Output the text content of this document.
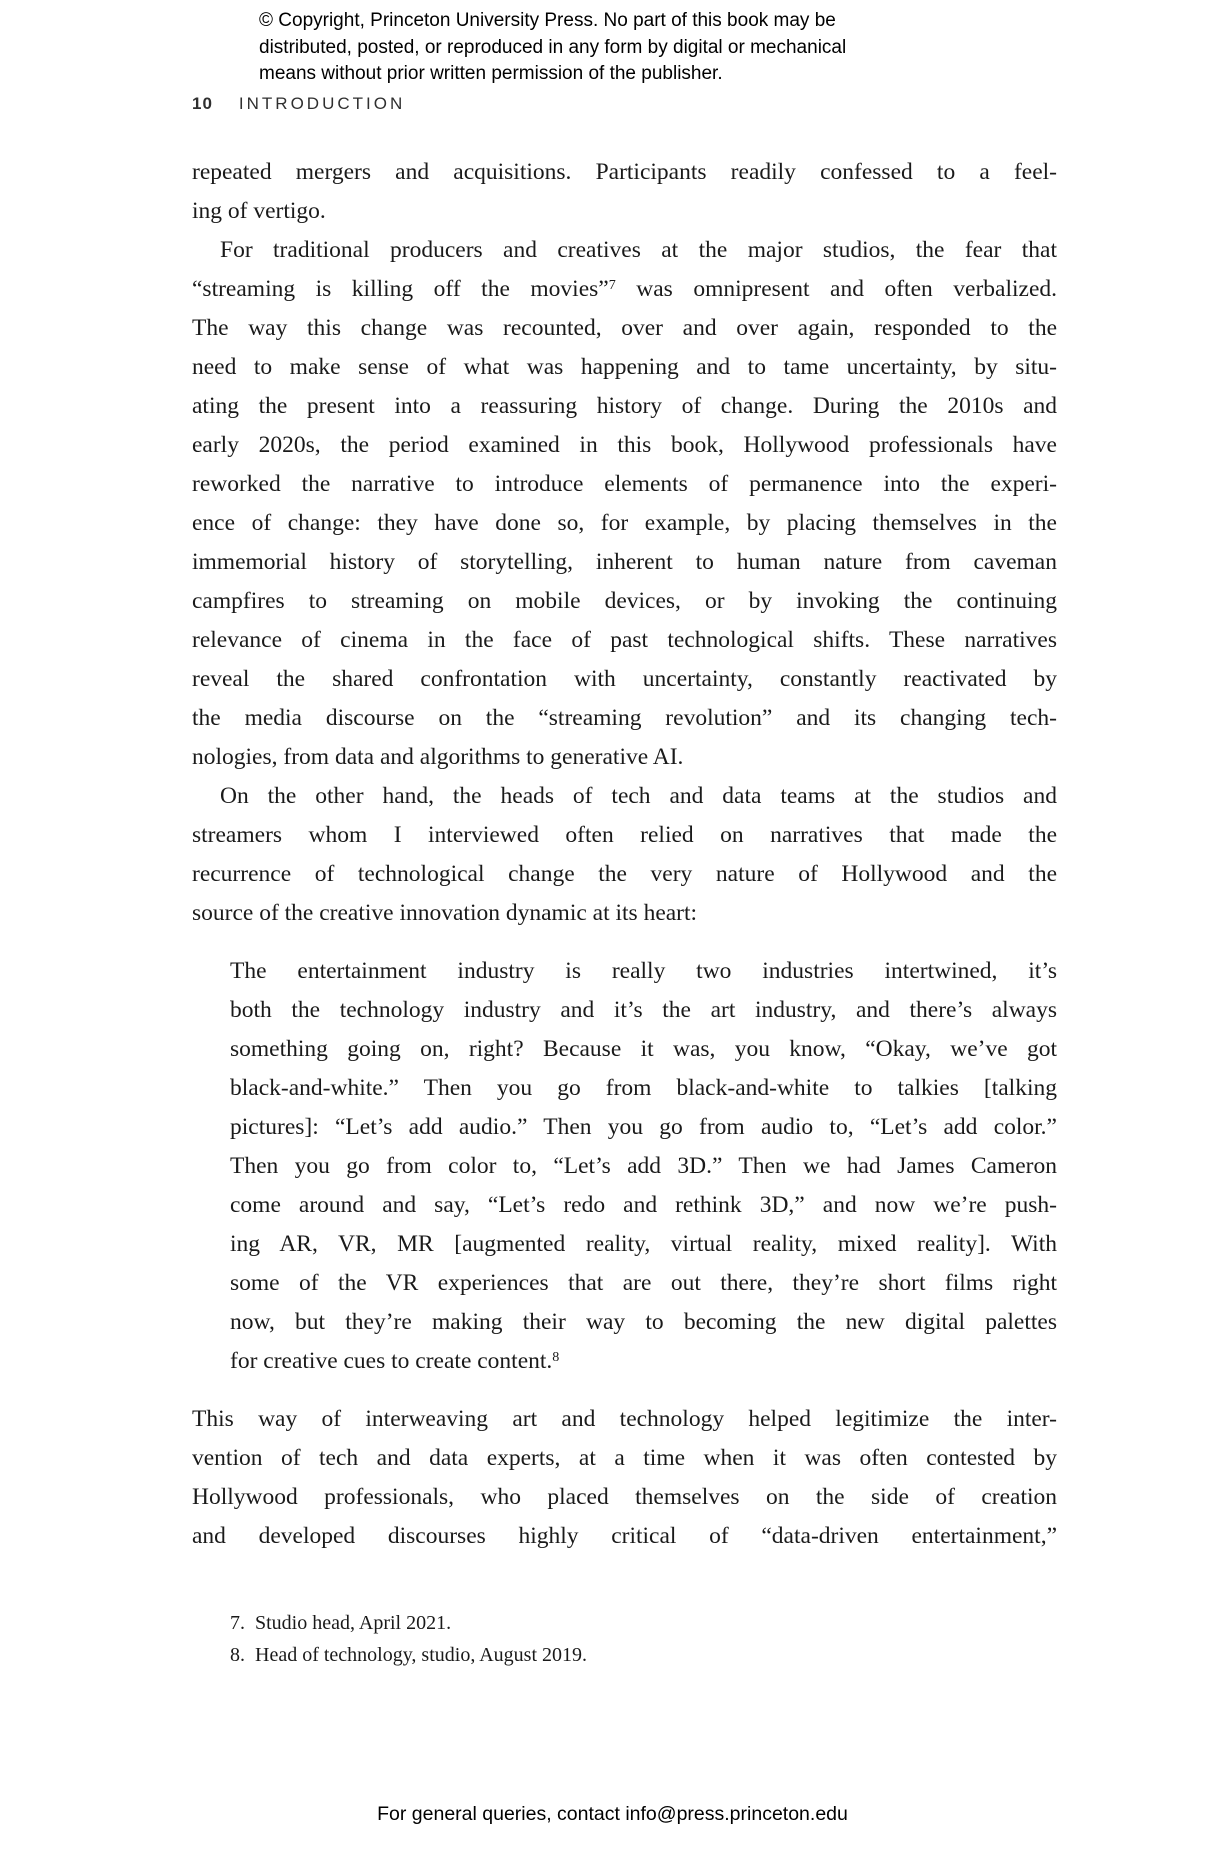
© Copyright, Princeton University Press. No part of this book may be
distributed, posted, or reproduced in any form by digital or mechanical
means without prior written permission of the publisher.
10 INTRODUCTION
repeated mergers and acquisitions. Participants readily confessed to a feel-
ing of vertigo.
For traditional producers and creatives at the major studios, the fear that
“streaming is killing off the movies”$^7$ was omnipresent and often verbalized.
The way this change was recounted, over and over again, responded to the
need to make sense of what was happening and to tame uncertainty, by situ-
ating the present into a reassuring history of change. During the 2010s and
early 2020s, the period examined in this book, Hollywood professionals have
reworked the narrative to introduce elements of permanence into the experi-
ence of change: they have done so, for example, by placing themselves in the
immemorial history of storytelling, inherent to human nature from caveman
campfires to streaming on mobile devices, or by invoking the continuing
relevance of cinema in the face of past technological shifts. These narratives
reveal the shared confrontation with uncertainty, constantly reactivated by
the media discourse on the “streaming revolution” and its changing tech-
nologies, from data and algorithms to generative AI.
On the other hand, the heads of tech and data teams at the studios and
streamers whom I interviewed often relied on narratives that made the
recurrence of technological change the very nature of Hollywood and the
source of the creative innovation dynamic at its heart:
The entertainment industry is really two industries intertwined, it’s
both the technology industry and it’s the art industry, and there’s always
something going on, right? Because it was, you know, “Okay, we’ve got
black-and-white.” Then you go from black-and-white to talkies [talking
pictures]: “Let’s add audio.” Then you go from audio to, “Let’s add color.”
Then you go from color to, “Let’s add 3D.” Then we had James Cameron
come around and say, “Let’s redo and rethink 3D,” and now we’re push-
ing AR, VR, MR [augmented reality, virtual reality, mixed reality]. With
some of the VR experiences that are out there, they’re short films right
now, but they’re making their way to becoming the new digital palettes
for creative cues to create content.$^8$
This way of interweaving art and technology helped legitimize the inter-
vention of tech and data experts, at a time when it was often contested by
Hollywood professionals, who placed themselves on the side of creation
and developed discourses highly critical of “data-driven entertainment,”
7. Studio head, April 2021.
8. Head of technology, studio, August 2019.
For general queries, contact info@press.princeton.edu
